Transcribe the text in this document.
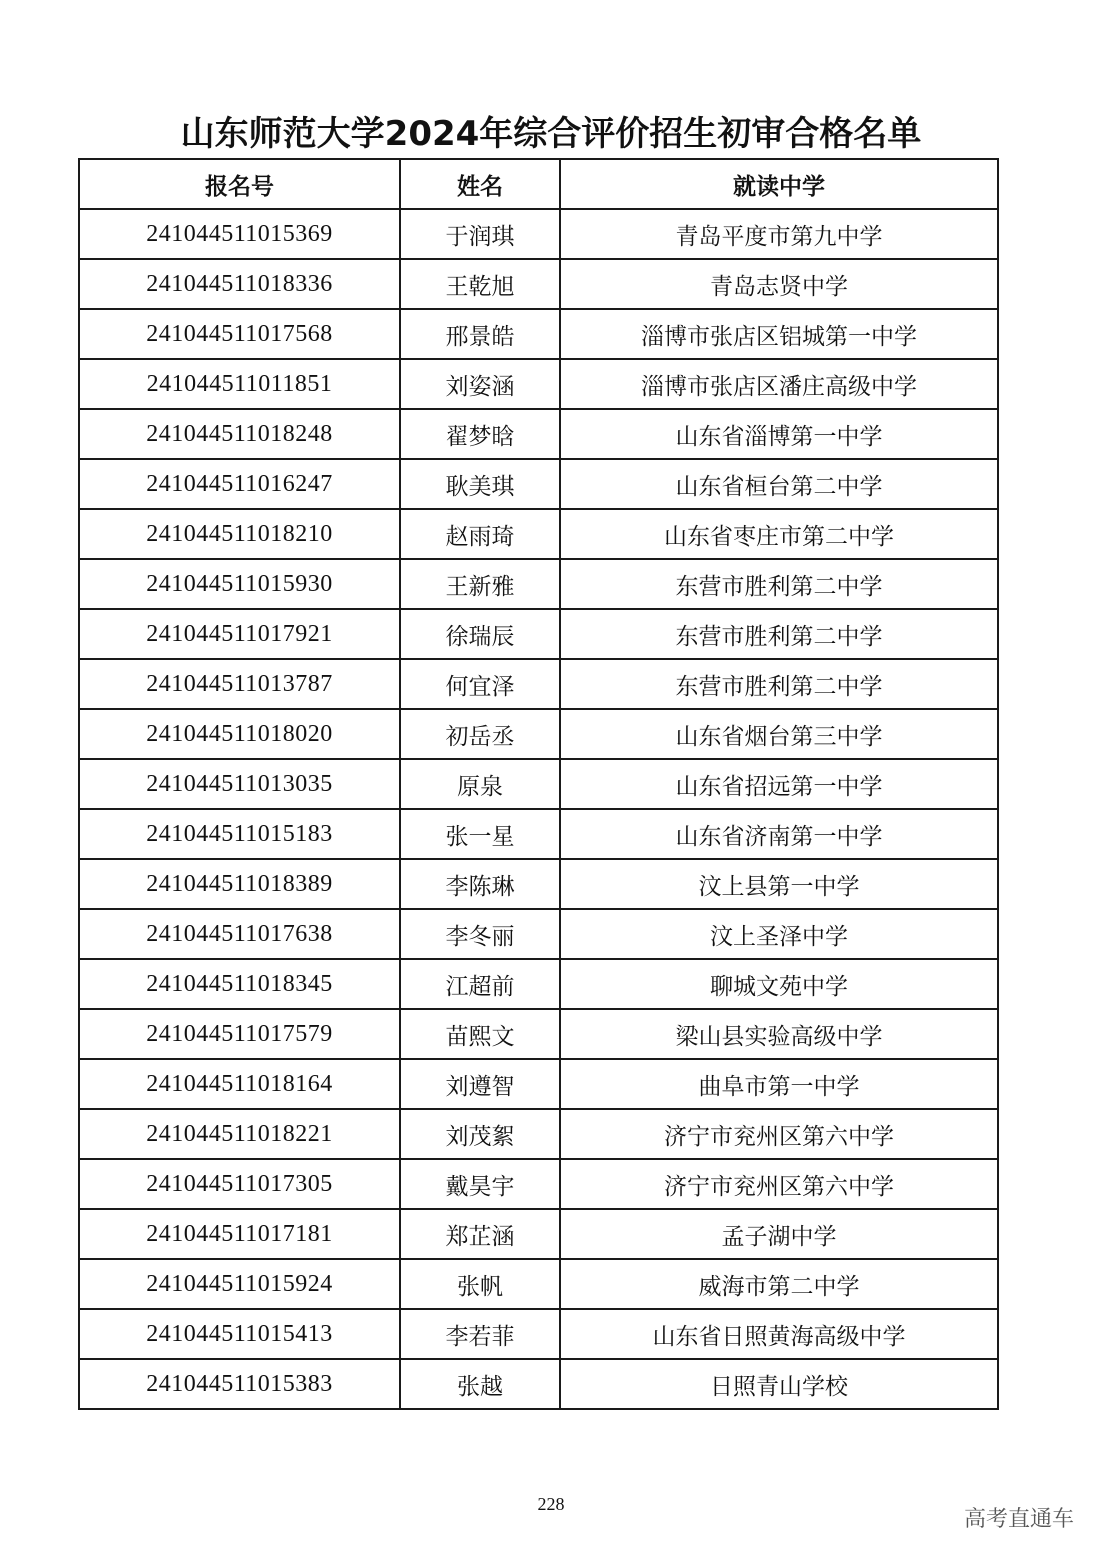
山东师范大学2024年综合评价招生初审合格名单
报名号	姓名	就读中学
241044511015369	于润琪	青岛平度市第九中学
241044511018336	王乾旭	青岛志贤中学
241044511017568	邢景皓	淄博市张店区铝城第一中学
241044511011851	刘姿涵	淄博市张店区潘庄高级中学
241044511018248	翟梦晗	山东省淄博第一中学
241044511016247	耿美琪	山东省桓台第二中学
241044511018210	赵雨琦	山东省枣庄市第二中学
241044511015930	王新雅	东营市胜利第二中学
241044511017921	徐瑞辰	东营市胜利第二中学
241044511013787	何宜泽	东营市胜利第二中学
241044511018020	初岳丞	山东省烟台第三中学
241044511013035	原泉	山东省招远第一中学
241044511015183	张一星	山东省济南第一中学
241044511018389	李陈琳	汶上县第一中学
241044511017638	李冬丽	汶上圣泽中学
241044511018345	江超前	聊城文苑中学
241044511017579	苗熙文	梁山县实验高级中学
241044511018164	刘遵智	曲阜市第一中学
241044511018221	刘茂絮	济宁市兖州区第六中学
241044511017305	戴昊宇	济宁市兖州区第六中学
241044511017181	郑芷涵	孟子湖中学
241044511015924	张帆	威海市第二中学
241044511015413	李若菲	山东省日照黄海高级中学
241044511015383	张越	日照青山学校
228
高考直通车
